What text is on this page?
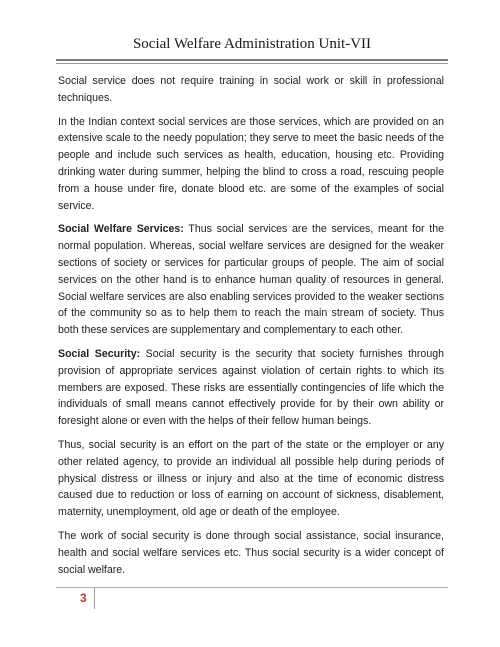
Social Welfare Administration Unit-VII

Social service does not require training in social work or skill in professional techniques.

In the Indian context social services are those services, which are provided on an extensive scale to the needy population; they serve to meet the basic needs of the people and include such services as health, education, housing etc. Providing drinking water during summer, helping the blind to cross a road, rescuing people from a house under fire, donate blood etc. are some of the examples of social service.

Social Welfare Services: Thus social services are the services, meant for the normal population. Whereas, social welfare services are designed for the weaker sections of society or services for particular groups of people. The aim of social services on the other hand is to enhance human quality of resources in general. Social welfare services are also enabling services provided to the weaker sections of the community so as to help them to reach the main stream of society. Thus both these services are supplementary and complementary to each other.

Social Security: Social security is the security that society furnishes through provision of appropriate services against violation of certain rights to which its members are exposed. These risks are essentially contingencies of life which the individuals of small means cannot effectively provide for by their own ability or foresight alone or even with the helps of their fellow human beings.

Thus, social security is an effort on the part of the state or the employer or any other related agency, to provide an individual all possible help during periods of physical distress or illness or injury and also at the time of economic distress caused due to reduction or loss of earning on account of sickness, disablement, maternity, unemployment, old age or death of the employee.

The work of social security is done through social assistance, social insurance, health and social welfare services etc. Thus social security is a wider concept of social welfare.

3
